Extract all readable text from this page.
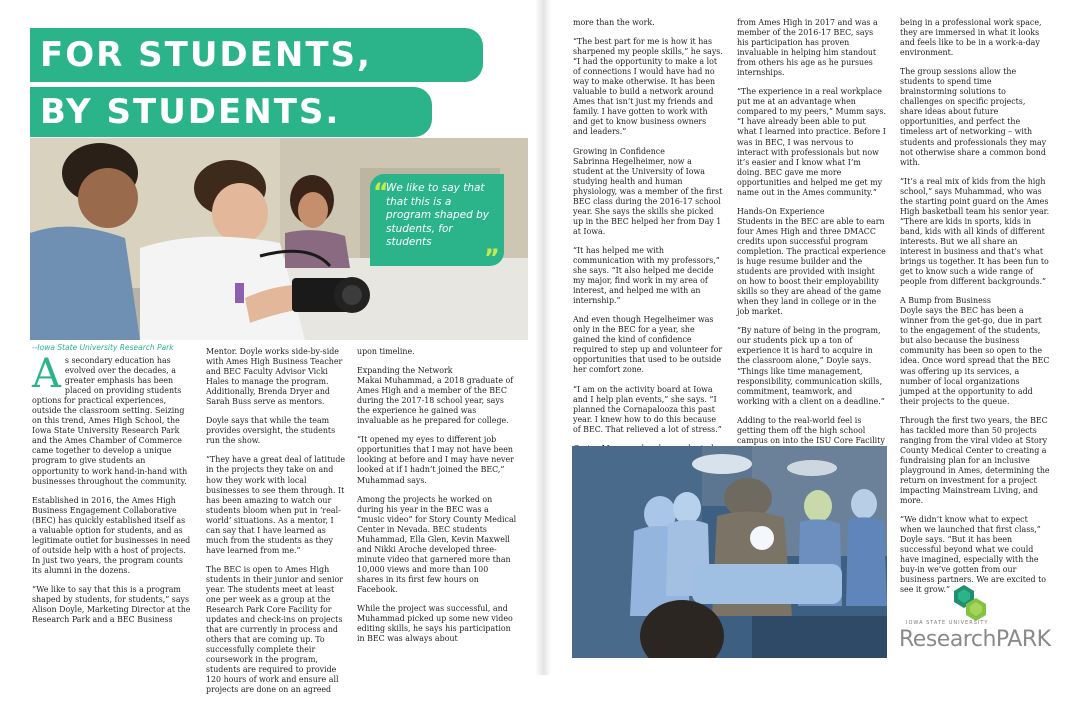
FOR STUDENTS,
BY STUDENTS.
We like to say that that this is a program shaped by students, for students
“
”
--Iowa State University Research Park

As secondary education has evolved over the decades, a greater emphasis has been placed on providing students options for practical experiences, outside the classroom setting. Seizing on this trend, Ames High School, the Iowa State University Research Park and the Ames Chamber of Commerce came together to develop a unique program to give students an opportunity to work hand-in-hand with businesses throughout the community.

Established in 2016, the Ames High Business Engagement Collaborative (BEC) has quickly established itself as a valuable option for students, and as legitimate outlet for businesses in need of outside help with a host of projects. In just two years, the program counts its alumni in the dozens.

“We like to say that this is a program shaped by students, for students,” says Alison Doyle, Marketing Director at the Research Park and a BEC Business

Mentor. Doyle works side-by-side with Ames High Business Teacher and BEC Faculty Advisor Vicki Hales to manage the program. Additionally, Brenda Dryer and Sarah Buss serve as mentors.

Doyle says that while the team provides oversight, the students run the show.

“They have a great deal of latitude in the projects they take on and how they work with local businesses to see them through. It has been amazing to watch our students bloom when put in ‘real-world’ situations. As a mentor, I can say that I have learned as much from the students as they have learned from me.”

The BEC is open to Ames High students in their junior and senior year. The students meet at least one per week as a group at the Research Park Core Facility for updates and check-ins on projects that are currently in process and others that are coming up. To successfully complete their coursework in the program, students are required to provide 120 hours of work and ensure all projects are done on an agreed

upon timeline.

Expanding the Network

Makai Muhammad, a 2018 graduate of Ames High and a member of the BEC during the 2017-18 school year, says the experience he gained was invaluable as he prepared for college.

“It opened my eyes to different job opportunities that I may not have been looking at before and I may have never looked at if I hadn’t joined the BEC,” Muhammad says.

Among the projects he worked on during his year in the BEC was a “music video” for Story County Medical Center in Nevada. BEC students Muhammad, Ella Glen, Kevin Maxwell and Nikki Aroche developed three-minute video that garnered more than 10,000 views and more than 100 shares in its first few hours on Facebook.

While the project was successful, and Muhammad picked up some new video editing skills, he says his participation in BEC was always about

more than the work.

“The best part for me is how it has sharpened my people skills,” he says. “I had the opportunity to make a lot of connections I would have had no way to make otherwise. It has been valuable to build a network around Ames that isn’t just my friends and family. I have gotten to work with and get to know business owners and leaders.”

Growing in Confidence

Sabrinna Hegelheimer, now a student at the University of Iowa studying health and human physiology, was a member of the first BEC class during the 2016-17 school year. She says the skills she picked up in the BEC helped her from Day 1 at Iowa.

“It has helped me with communication with my professors,” she says. “It also helped me decide my major, find work in my area of interest, and helped me with an internship.”

And even though Hegelheimer was only in the BEC for a year, she gained the kind of confidence required to step up and volunteer for opportunities that used to be outside her comfort zone.

“I am on the activity board at Iowa and I help plan events,” she says. “I planned the Cornapalooza this past year. I knew how to do this because of BEC. That relieved a lot of stress.”

from Ames High in 2017 and was a member of the 2016-17 BEC, says his participation has proven invaluable in helping him standout from others his age as he pursues internships.

“The experience in a real workplace put me at an advantage when compared to my peers,” Mumm says. “I have already been able to put what I learned into practice. Before I was in BEC, I was nervous to interact with professionals but now it’s easier and I know what I’m doing. BEC gave me more opportunities and helped me get my name out in the Ames community.”

Hands-On Experience

Students in the BEC are able to earn four Ames High and three DMACC credits upon successful program completion. The practical experience is huge resume builder and the students are provided with insight on how to boost their employability skills so they are ahead of the game when they land in college or in the job market.

“By nature of being in the program, our students pick up a ton of experience it is hard to acquire in the classroom alone,” Doyle says. “Things like time management, responsibility, communication skills, commitment, teamwork, and working with a client on a deadline.”

Adding to the real-world feel is getting them off the high school campus on into the ISU Core Facility

being in a professional work space, they are immersed in what it looks and feels like to be in a work-a-day environment.

The group sessions allow the students to spend time brainstorming solutions to challenges on specific projects, share ideas about future opportunities, and perfect the timeless art of networking – with students and professionals they may not otherwise share a common bond with.

“It’s a real mix of kids from the high school,” says Muhammad, who was the starting point guard on the Ames High basketball team his senior year. “There are kids in sports, kids in band, kids with all kinds of different interests. But we all share an interest in business and that’s what brings us together. It has been fun to get to know such a wide range of people from different backgrounds.”

A Bump from Business

Doyle says the BEC has been a winner from the get-go, due in part to the engagement of the students, but also because the business community has been so open to the idea. Once word spread that the BEC was offering up its services, a number of local organizations jumped at the opportunity to add their projects to the queue.

Through the first two years, the BEC has tackled more than 50 projects ranging from the viral video at Story County Medical Center to creating a fundraising plan for an inclusive playground in Ames, determining the return on investment for a project impacting Mainstream Living, and more.

“We didn’t know what to expect when we launched that first class,” Doyle says. “But it has been successful beyond what we could have imagined, especially with the buy-in we’ve gotten from our business partners. We are excited to see it grow.”

IOWA STATE UNIVERSITY
ResearchPARK
